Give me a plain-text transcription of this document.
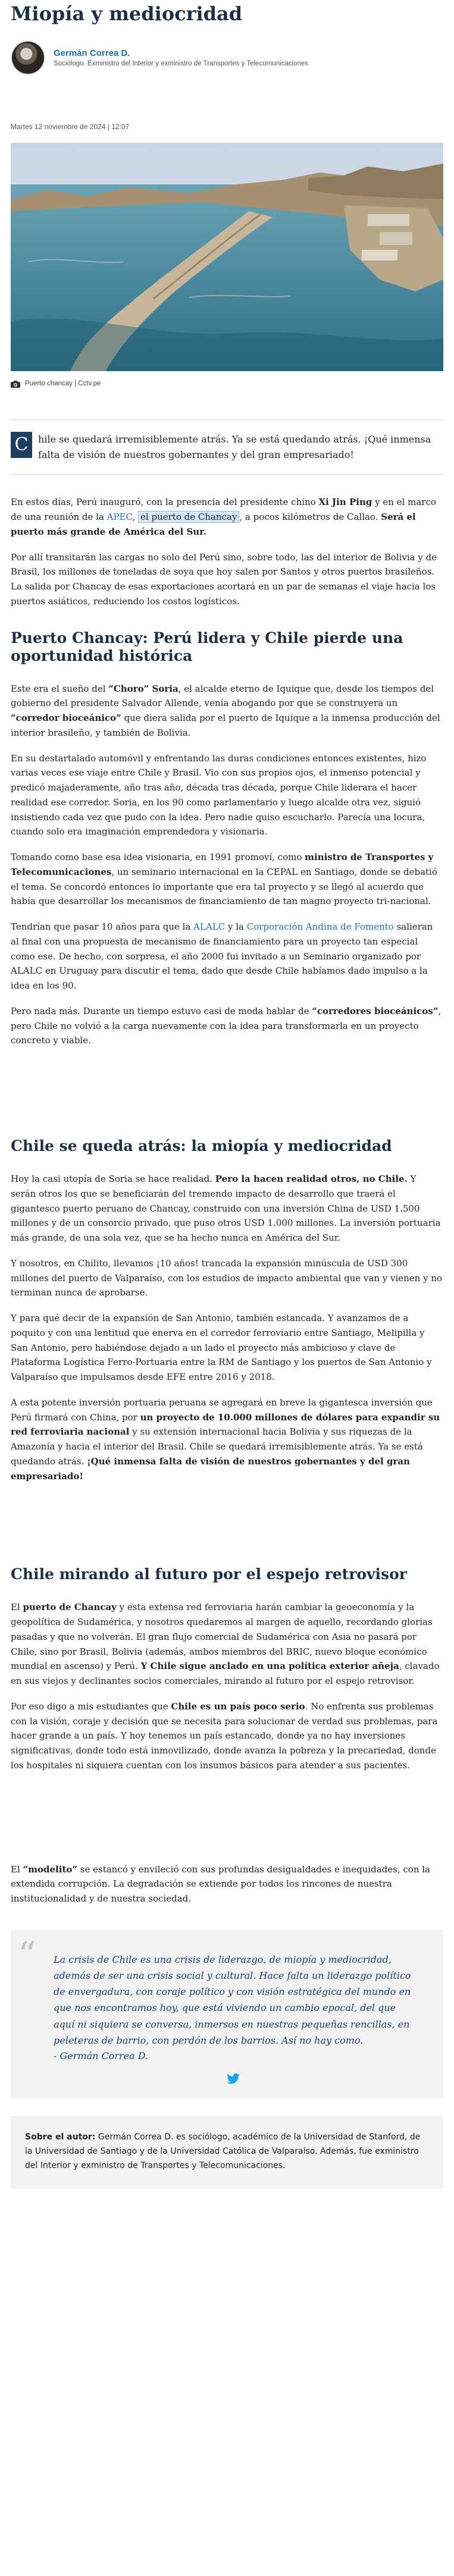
Miopía y mediocridad
Germán Correa D.
Sociólogo. Exministro del Interior y exministro de Transportes y Telecomunicaciones
Martes 12 noviembre de 2024 | 12:07
Puerto chancay | Cctv.pe
C	hile se quedará irremisiblemente atrás. Ya se está quedando atrás. ¡Qué inmensa falta de visión de nuestros gobernantes y del gran empresariado!

En estos días, Perú inauguró, con la presencia del presidente chino Xi Jin Ping y en el marco de una reunión de la APEC, el puerto de Chancay , a pocos kilómetros de Callao. Será el puerto más grande de América del Sur.

Por allí transitarán las cargas no solo del Perú sino, sobre todo, las del interior de Bolivia y de Brasil, los millones de toneladas de soya que hoy salen por Santos y otros puertos brasileños. La salida por Chancay de esas exportaciones acortará en un par de semanas el viaje hacia los puertos asiáticos, reduciendo los costos logísticos.

Puerto Chancay: Perú lidera y Chile pierde una oportunidad histórica

Este era el sueño del “Choro” Soria, el alcalde eterno de Iquique que, desde los tiempos del gobierno del presidente Salvador Allende, venía abogando por que se construyera un “corredor bioceánico” que diera salida por el puerto de Iquique a la inmensa producción del interior brasileño, y también de Bolivia.

En su destartalado automóvil y enfrentando las duras condiciones entonces existentes, hizo varias veces ese viaje entre Chile y Brasil. Vio con sus propios ojos, el inmenso potencial y predicó majaderamente, año tras año, década tras década, porque Chile liderara el hacer realidad ese corredor. Soria, en los 90 como parlamentario y luego alcalde otra vez, siguió insistiendo cada vez que pudo con la idea. Pero nadie quiso escucharlo. Parecía una locura, cuando solo era imaginación emprendedora y visionaria.

Tomando como base esa idea visionaria, en 1991 promoví, como ministro de Transportes y Telecomunicaciones, un seminario internacional en la CEPAL en Santiago, donde se debatió el tema. Se concordó entonces lo importante que era tal proyecto y se llegó al acuerdo que había que desarrollar los mecanismos de financiamiento de tan magno proyecto tri-nacional.

Tendrían que pasar 10 años para que la ALALC y la Corporación Andina de Fomento salieran al final con una propuesta de mecanismo de financiamiento para un proyecto tan especial como ese. De hecho, con sorpresa, el año 2000 fui invitado a un Seminario organizado por ALALC en Uruguay para discutir el tema, dado que desde Chile habíamos dado impulso a la idea en los 90.

Pero nada más. Durante un tiempo estuvo casi de moda hablar de “corredores bioceánicos”, pero Chile no volvió a la carga nuevamente con la idea para transformarla en un proyecto concreto y viable.

Chile se queda atrás: la miopía y mediocridad

Hoy la casi utopía de Soria se hace realidad. Pero la hacen realidad otros, no Chile. Y serán otros los que se beneficiarán del tremendo impacto de desarrollo que traerá el gigantesco puerto peruano de Chancay, construido con una inversión China de USD 1.500 millones y de un consorcio privado, que puso otros USD 1.000 millones. La inversión portuaria más grande, de una sola vez, que se ha hecho nunca en América del Sur.

Y nosotros, en Chilito, llevamos ¡10 años! trancada la expansión minúscula de USD 300 millones del puerto de Valparaíso, con los estudios de impacto ambiental que van y vienen y no terminan nunca de aprobarse.

Y para qué decir de la expansión de San Antonio, también estancada. Y avanzamos de a poquito y con una lentitud que enerva en el corredor ferroviario entre Santiago, Melipilla y San Antonio, pero habiéndose dejado a un lado el proyecto más ambicioso y clave de Plataforma Logística Ferro-Portuaria entre la RM de Santiago y los puertos de San Antonio y Valparaíso que impulsamos desde EFE entre 2016 y 2018.

A esta potente inversión portuaria peruana se agregará en breve la gigantesca inversión que Perú firmará con China, por un proyecto de 10.000 millones de dólares para expandir su red ferroviaria nacional y su extensión internacional hacia Bolivia y sus riquezas de la Amazonía y hacia el interior del Brasil. Chile se quedará irremisiblemente atrás. Ya se está quedando atrás. ¡Qué inmensa falta de visión de nuestros gobernantes y del gran empresariado!

Chile mirando al futuro por el espejo retrovisor

El puerto de Chancay y esta extensa red ferroviaria harán cambiar la geoeconomía y la geopolítica de Sudamérica, y nosotros quedaremos al margen de aquello, recordando glorias pasadas y que no volverán. El gran flujo comercial de Sudamérica con Asia no pasará por Chile, sino por Brasil, Bolivia (además, ambos miembros del BRIC, nuevo bloque económico mundial en ascenso) y Perú. Y Chile sigue anclado en una política exterior añeja, clavado en sus viejos y declinantes socios comerciales, mirando al futuro por el espejo retrovisor.

Por eso digo a mis estudiantes que Chile es un país poco serio. No enfrenta sus problemas con la visión, coraje y decisión que se necesita para solucionar de verdad sus problemas, para hacer grande a un país. Y hoy tenemos un país estancado, donde ya no hay inversiones significativas, donde todo está inmovilizado, donde avanza la pobreza y la precariedad, donde los hospitales ni siquiera cuentan con los insumos básicos para atender a sus pacientes.

El “modelito” se estancó y envileció con sus profundas desigualdades e inequidades, con la extendida corrupción. La degradación se extiende por todos los rincones de nuestra institucionalidad y de nuestra sociedad.

“ La crisis de Chile es una crisis de liderazgo, de miopía y mediocridad, además de ser una crisis social y cultural. Hace falta un liderazgo político de envergadura, con coraje político y con visión estratégica del mundo en que nos encontramos hoy, que está viviendo un cambio epocal, del que aquí ni siquiera se conversa, inmersos en nuestras pequeñas rencillas, en peleteras de barrio, con perdón de los barrios. Así no hay como.
- Germán Correa D.
Sobre el autor: Germán Correa D. es sociólogo, académico de la Universidad de Stanford, de la Universidad de Santiago y de la Universidad Católica de Valparaíso. Además, fue exministro del Interior y exministro de Transportes y Telecomunicaciones.
